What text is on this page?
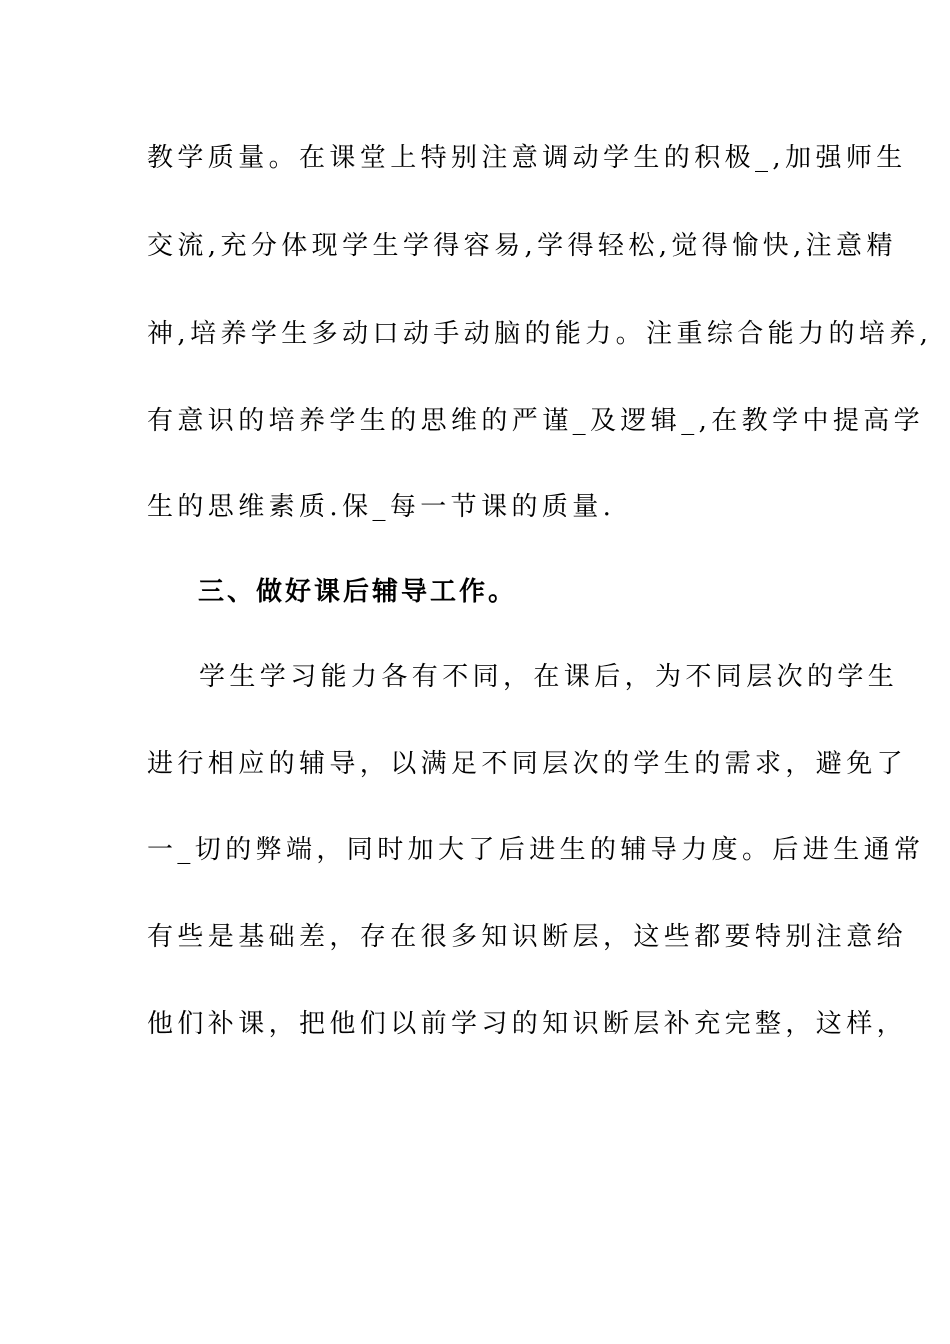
教学质量。在课堂上特别注意调动学生的积极_,加强师生
交流,充分体现学生学得容易,学得轻松,觉得愉快,注意精
神,培养学生多动口动手动脑的能力。注重综合能力的培养,
有意识的培养学生的思维的严谨_及逻辑_,在教学中提高学
生的思维素质.保_每一节课的质量.
三、做好课后辅导工作。
学生学习能力各有不同，在课后，为不同层次的学生
进行相应的辅导，以满足不同层次的学生的需求，避免了
一_切的弊端，同时加大了后进生的辅导力度。后进生通常
有些是基础差，存在很多知识断层，这些都要特别注意给
他们补课，把他们以前学习的知识断层补充完整，这样，
